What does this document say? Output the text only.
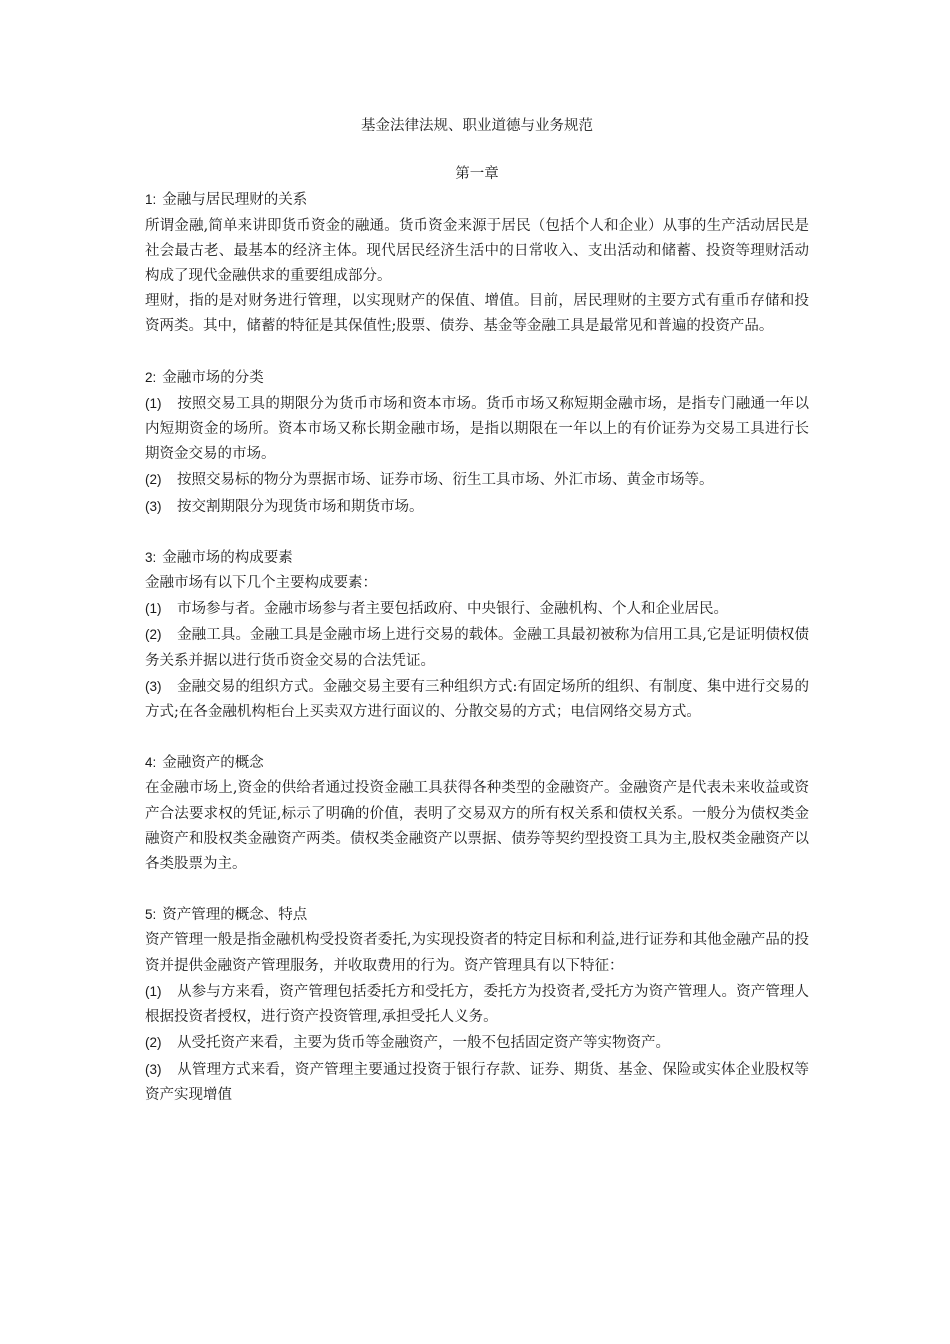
基金法律法规、职业道德与业务规范

第一章

1: 金融与居民理财的关系

所谓金融,简单来讲即货币资金的融通。货币资金来源于居民（包括个人和企业）从事的生产活动居民是社会最古老、最基本的经济主体。现代居民经济生活中的日常收入、支出活动和储蓄、投资等理财活动构成了现代金融供求的重要组成部分。

理财，指的是对财务进行管理，以实现财产的保值、增值。目前，居民理财的主要方式有重币存储和投资两类。其中，储蓄的特征是其保值性;股票、债券、基金等金融工具是最常见和普遍的投资产品。

2: 金融市场的分类

(1) 按照交易工具的期限分为货币市场和资本市场。货币市场又称短期金融市场，是指专门融通一年以内短期资金的场所。资本市场又称长期金融市场，是指以期限在一年以上的有价证券为交易工具进行长期资金交易的市场。

(2) 按照交易标的物分为票据市场、证券市场、衍生工具市场、外汇市场、黄金市场等。

(3) 按交割期限分为现货市场和期货市场。

3: 金融市场的构成要素

金融市场有以下几个主要构成要素：

(1) 市场参与者。金融市场参与者主要包括政府、中央银行、金融机构、个人和企业居民。

(2) 金融工具。金融工具是金融市场上进行交易的载体。金融工具最初被称为信用工具,它是证明债权债务关系并据以进行货币资金交易的合法凭证。

(3) 金融交易的组织方式。金融交易主要有三种组织方式:有固定场所的组织、有制度、集中进行交易的方式;在各金融机构柜台上买卖双方进行面议的、分散交易的方式；电信网络交易方式。

4: 金融资产的概念

在金融市场上,资金的供给者通过投资金融工具获得各种类型的金融资产。金融资产是代表未来收益或资产合法要求权的凭证,标示了明确的价值，表明了交易双方的所有权关系和债权关系。一般分为债权类金融资产和股权类金融资产两类。债权类金融资产以票据、债券等契约型投资工具为主,股权类金融资产以各类股票为主。

5: 资产管理的概念、特点

资产管理一般是指金融机构受投资者委托,为实现投资者的特定目标和利益,进行证券和其他金融产品的投资并提供金融资产管理服务，并收取费用的行为。资产管理具有以下特征：

(1) 从参与方来看，资产管理包括委托方和受托方，委托方为投资者,受托方为资产管理人。资产管理人根据投资者授权，进行资产投资管理,承担受托人义务。

(2) 从受托资产来看，主要为货币等金融资产，一般不包括固定资产等实物资产。

(3) 从管理方式来看，资产管理主要通过投资于银行存款、证券、期货、基金、保险或实体企业股权等资产实现增值
